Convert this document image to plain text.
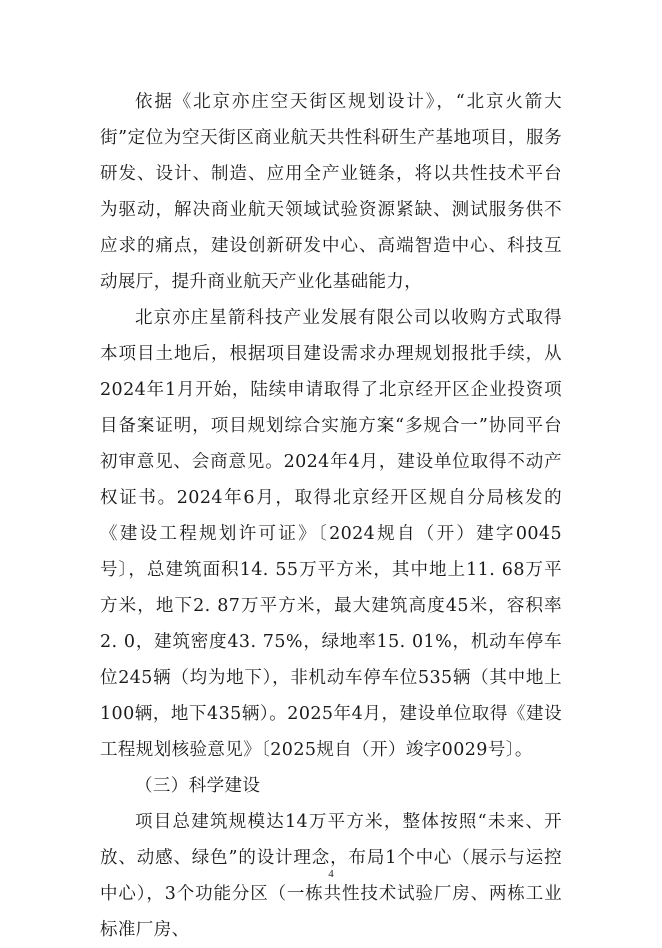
依据《北京亦庄空天街区规划设计》，“北京火箭大街”定位为空天街区商业航天共性科研生产基地项目，服务研发、设计、制造、应用全产业链条，将以共性技术平台为驱动，解决商业航天领域试验资源紧缺、测试服务供不应求的痛点，建设创新研发中心、高端智造中心、科技互动展厅，提升商业航天产业化基础能力，

北京亦庄星箭科技产业发展有限公司以收购方式取得本项目土地后，根据项目建设需求办理规划报批手续，从2024年1月开始，陆续申请取得了北京经开区企业投资项目备案证明，项目规划综合实施方案“多规合一”协同平台初审意见、会商意见。2024年4月，建设单位取得不动产权证书。2024年6月，取得北京经开区规自分局核发的《建设工程规划许可证》〔2024规自（开）建字0045号〕，总建筑面积14. 55万平方米，其中地上11. 68万平方米，地下2. 87万平方米，最大建筑高度45米，容积率2. 0，建筑密度43. 75%，绿地率15. 01%，机动车停车位245辆（均为地下），非机动车停车位535辆（其中地上100辆，地下435辆）。2025年4月，建设单位取得《建设工程规划核验意见》〔2025规自（开）竣字0029号〕。

（三）科学建设

项目总建筑规模达14万平方米，整体按照“未来、开放、动感、绿色”的设计理念，布局1个中心（展示与运控中心），3个功能分区（一栋共性技术试验厂房、两栋工业标准厂房、

4
